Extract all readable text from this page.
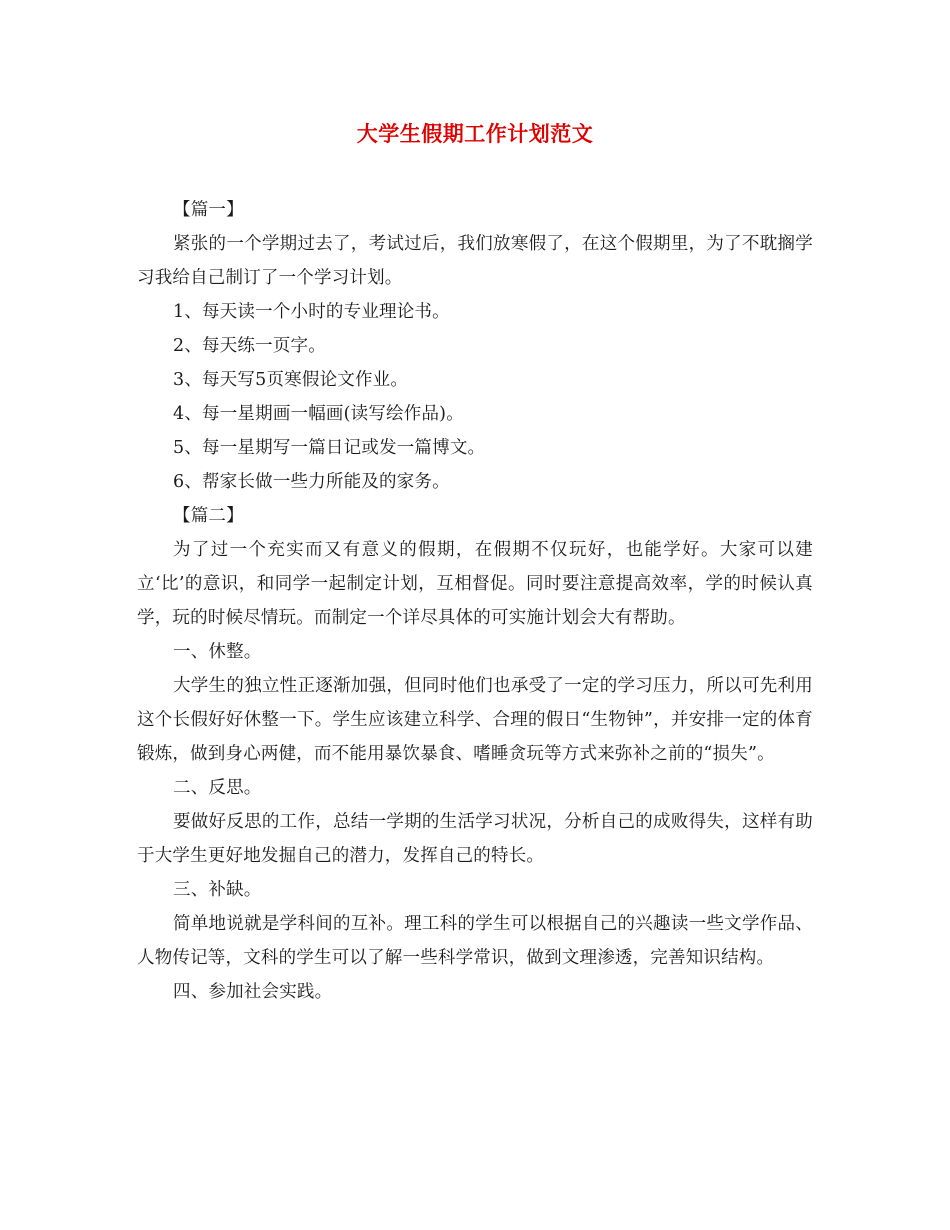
大学生假期工作计划范文

【篇一】

紧张的一个学期过去了，考试过后，我们放寒假了，在这个假期里，为了不耽搁学习我给自己制订了一个学习计划。

1、每天读一个小时的专业理论书。

2、每天练一页字。

3、每天写5页寒假论文作业。

4、每一星期画一幅画(读写绘作品)。

5、每一星期写一篇日记或发一篇博文。

6、帮家长做一些力所能及的家务。

【篇二】

为了过一个充实而又有意义的假期，在假期不仅玩好，也能学好。大家可以建立‘比’的意识，和同学一起制定计划，互相督促。同时要注意提高效率，学的时候认真学，玩的时候尽情玩。而制定一个详尽具体的可实施计划会大有帮助。

一、休整。

大学生的独立性正逐渐加强，但同时他们也承受了一定的学习压力，所以可先利用这个长假好好休整一下。学生应该建立科学、合理的假日“生物钟”，并安排一定的体育锻炼，做到身心两健，而不能用暴饮暴食、嗜睡贪玩等方式来弥补之前的“损失”。

二、反思。

要做好反思的工作，总结一学期的生活学习状况，分析自己的成败得失，这样有助于大学生更好地发掘自己的潜力，发挥自己的特长。

三、补缺。

简单地说就是学科间的互补。理工科的学生可以根据自己的兴趣读一些文学作品、人物传记等，文科的学生可以了解一些科学常识，做到文理渗透，完善知识结构。

四、参加社会实践。
